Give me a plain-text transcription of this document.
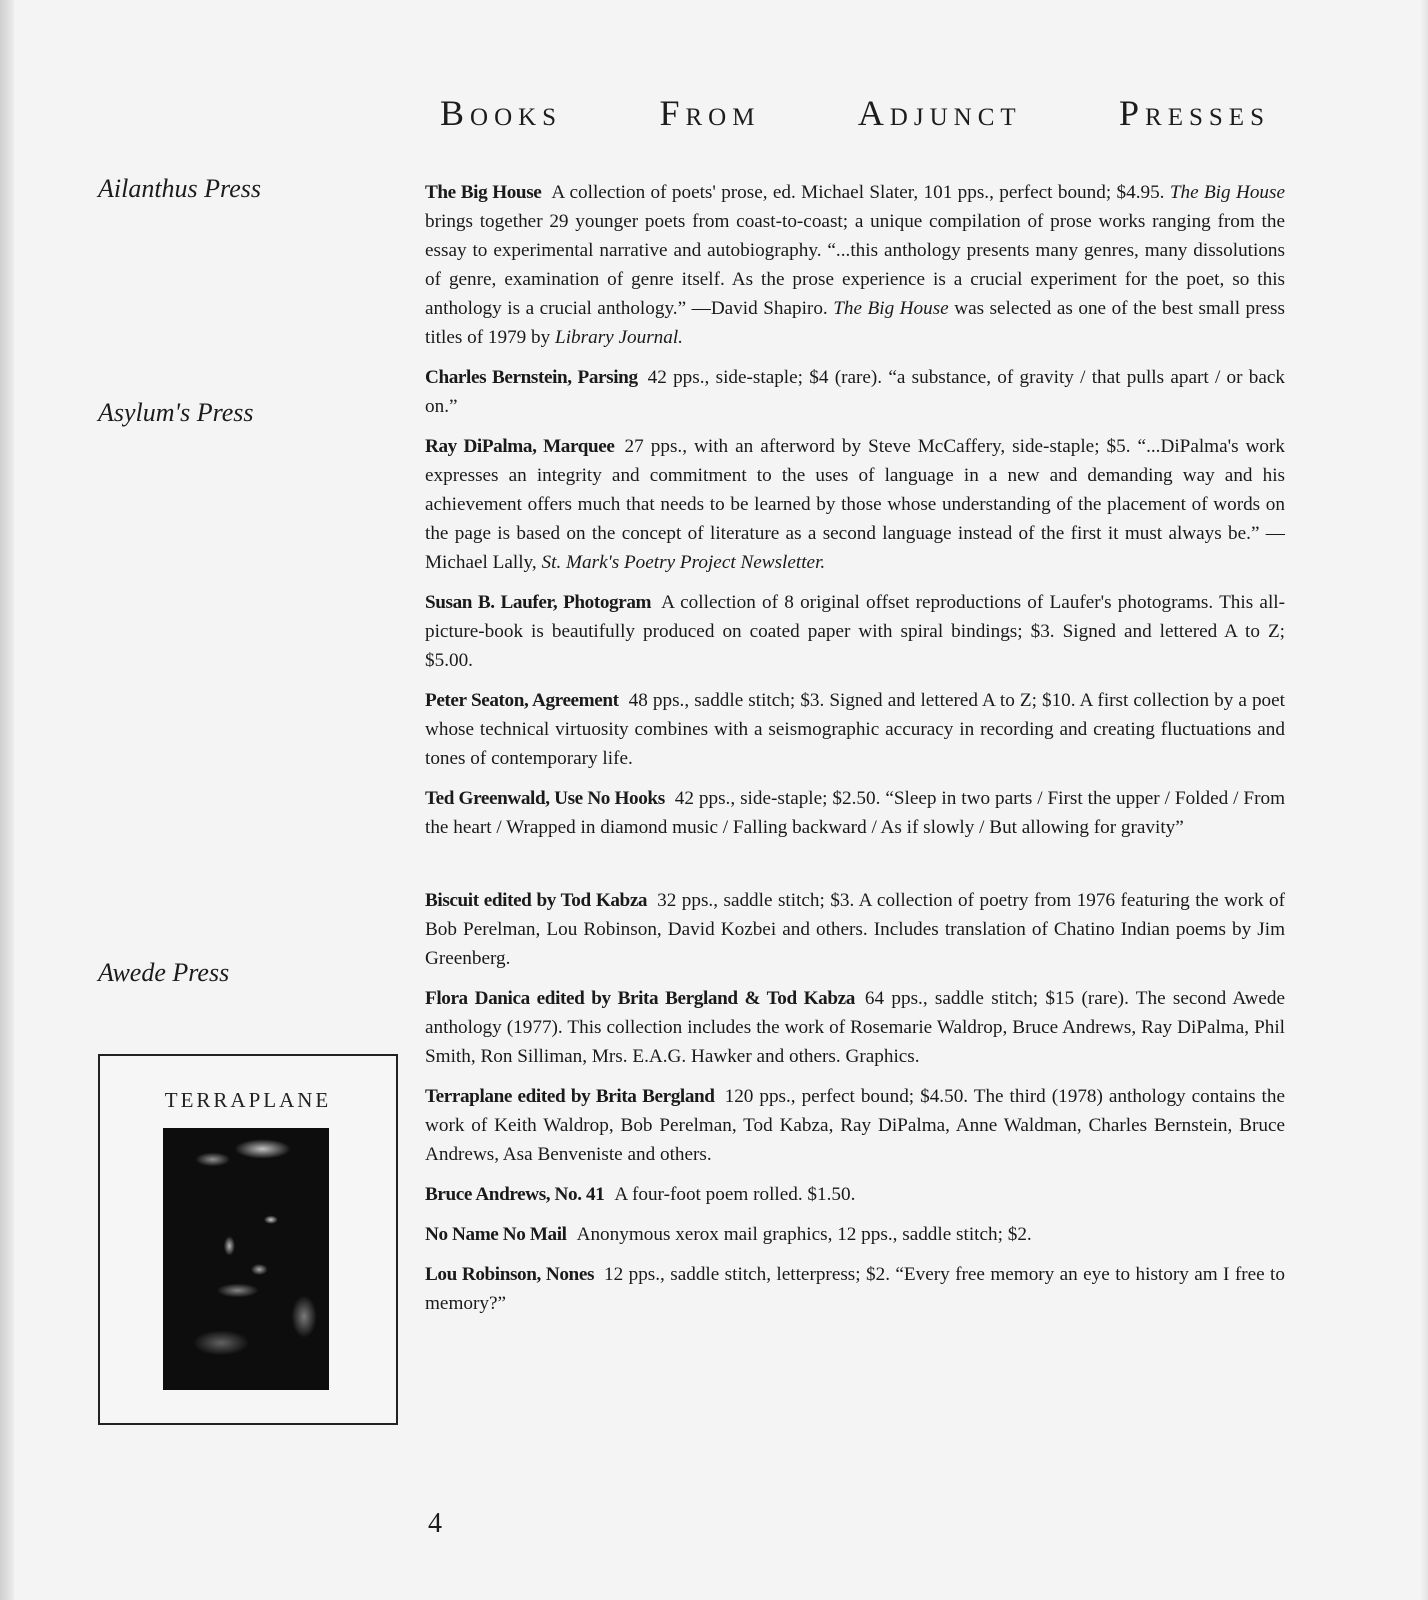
Books	From	Adjunct	Presses
Ailanthus Press
Asylum's Press
Awede Press

The Big House A collection of poets' prose, ed. Michael Slater, 101 pps., perfect bound; $4.95. The Big House brings together 29 younger poets from coast-to-coast; a unique compilation of prose works ranging from the essay to experimental narrative and autobiography. “...this anthology presents many genres, many dissolutions of genre, examination of genre itself. As the prose experience is a crucial experiment for the poet, so this anthology is a crucial anthology.” —David Shapiro. The Big House was selected as one of the best small press titles of 1979 by Library Journal.

Charles Bernstein, Parsing 42 pps., side-staple; $4 (rare). “a substance, of gravity / that pulls apart / or back on.”

Ray DiPalma, Marquee 27 pps., with an afterword by Steve McCaffery, side-staple; $5. “...DiPalma's work expresses an integrity and commitment to the uses of language in a new and demanding way and his achievement offers much that needs to be learned by those whose understanding of the placement of words on the page is based on the concept of literature as a second language instead of the first it must always be.” —Michael Lally, St. Mark's Poetry Project Newsletter.

Susan B. Laufer, Photogram A collection of 8 original offset reproductions of Laufer's photograms. This all-picture-book is beautifully produced on coated paper with spiral bindings; $3. Signed and lettered A to Z; $5.00.

Peter Seaton, Agreement 48 pps., saddle stitch; $3. Signed and lettered A to Z; $10. A first collection by a poet whose technical virtuosity combines with a seismographic accuracy in recording and creating fluctuations and tones of contemporary life.

Ted Greenwald, Use No Hooks 42 pps., side-staple; $2.50. “Sleep in two parts / First the upper / Folded / From the heart / Wrapped in diamond music / Falling backward / As if slowly / But allowing for gravity”

Biscuit edited by Tod Kabza 32 pps., saddle stitch; $3. A collection of poetry from 1976 featuring the work of Bob Perelman, Lou Robinson, David Kozbei and others. Includes translation of Chatino Indian poems by Jim Greenberg.

Flora Danica edited by Brita Bergland & Tod Kabza 64 pps., saddle stitch; $15 (rare). The second Awede anthology (1977). This collection includes the work of Rosemarie Waldrop, Bruce Andrews, Ray DiPalma, Phil Smith, Ron Silliman, Mrs. E.A.G. Hawker and others. Graphics.

Terraplane edited by Brita Bergland 120 pps., perfect bound; $4.50. The third (1978) anthology contains the work of Keith Waldrop, Bob Perelman, Tod Kabza, Ray DiPalma, Anne Waldman, Charles Bernstein, Bruce Andrews, Asa Benveniste and others.

Bruce Andrews, No. 41 A four-foot poem rolled. $1.50.

No Name No Mail Anonymous xerox mail graphics, 12 pps., saddle stitch; $2.

Lou Robinson, Nones 12 pps., saddle stitch, letterpress; $2. “Every free memory an eye to history am I free to memory?”

TERRAPLANE
4
